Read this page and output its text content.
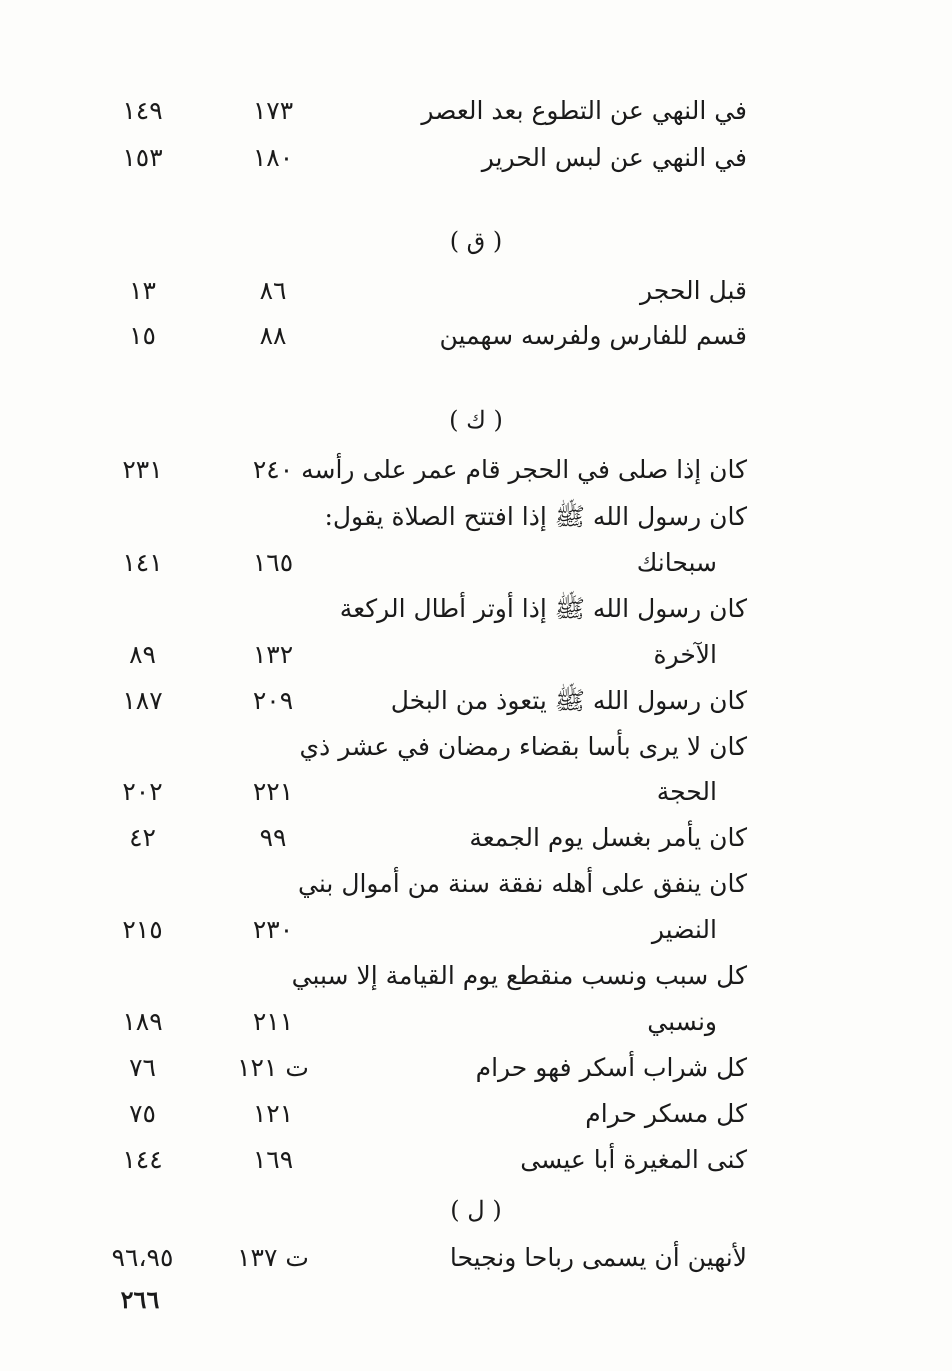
في النهي عن التطوع بعد العصر
١٧٣
١٤٩
في النهي عن لبس الحرير
١٨٠
١٥٣
( ق )
قبل الحجر
٨٦
١٣
قسم للفارس ولفرسه سهمين
٨٨
١٥
( ك )
كان إذا صلى في الحجر قام عمر على رأسه
٢٤٠
٢٣١
كان رسول الله ﷺ إذا افتتح الصلاة يقول:
سبحانك
١٦٥
١٤١
كان رسول الله ﷺ إذا أوتر أطال الركعة
الآخرة
١٣٢
٨٩
كان رسول الله ﷺ يتعوذ من البخل
٢٠٩
١٨٧
كان لا يرى بأسا بقضاء رمضان في عشر ذي
الحجة
٢٢١
٢٠٢
كان يأمر بغسل يوم الجمعة
٩٩
٤٢
كان ينفق على أهله نفقة سنة من أموال بني
النضير
٢٣٠
٢١٥
كل سبب ونسب منقطع يوم القيامة إلا سببي
ونسبي
٢١١
١٨٩
كل شراب أسكر فهو حرام
ت ١٢١
٧٦
كل مسكر حرام
١٢١
٧٥
كنى المغيرة أبا عيسى
١٦٩
١٤٤
( ل )
لأنهين أن يسمى رباحا ونجيحا
ت ١٣٧
٩٦،٩٥
٢٦٦
